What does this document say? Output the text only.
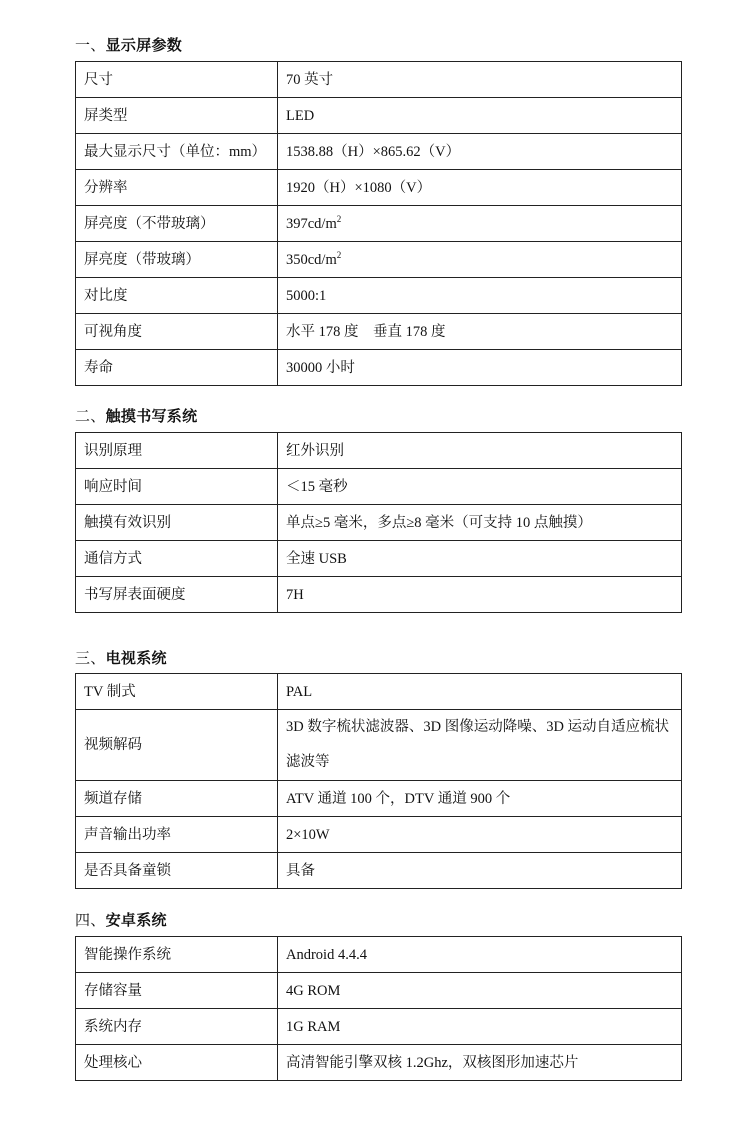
一、显示屏参数
尺寸	70 英寸
屏类型	LED
最大显示尺寸（单位：mm）	1538.88（H）×865.62（V）
分辨率	1920（H）×1080（V）
屏亮度（不带玻璃）	$397cd/m^2$
屏亮度（带玻璃）	$350cd/m^2$
对比度	5000:1
可视角度	水平 178 度　垂直 178 度
寿命	30000 小时
二、触摸书写系统
识别原理	红外识别
响应时间	＜15 毫秒
触摸有效识别	单点≥5 毫米，多点≥8 毫米（可支持 10 点触摸）
通信方式	全速 USB
书写屏表面硬度	7H
三、电视系统
TV 制式	PAL
视频解码	3D 数字梳状滤波器、3D 图像运动降噪、3D 运动自适应梳状滤波等
频道存储	ATV 通道 100 个，DTV 通道 900 个
声音输出功率	2×10W
是否具备童锁	具备
四、安卓系统
智能操作系统	Android 4.4.4
存储容量	4G ROM
系统内存	1G RAM
处理核心	高清智能引擎双核 1.2Ghz，双核图形加速芯片
